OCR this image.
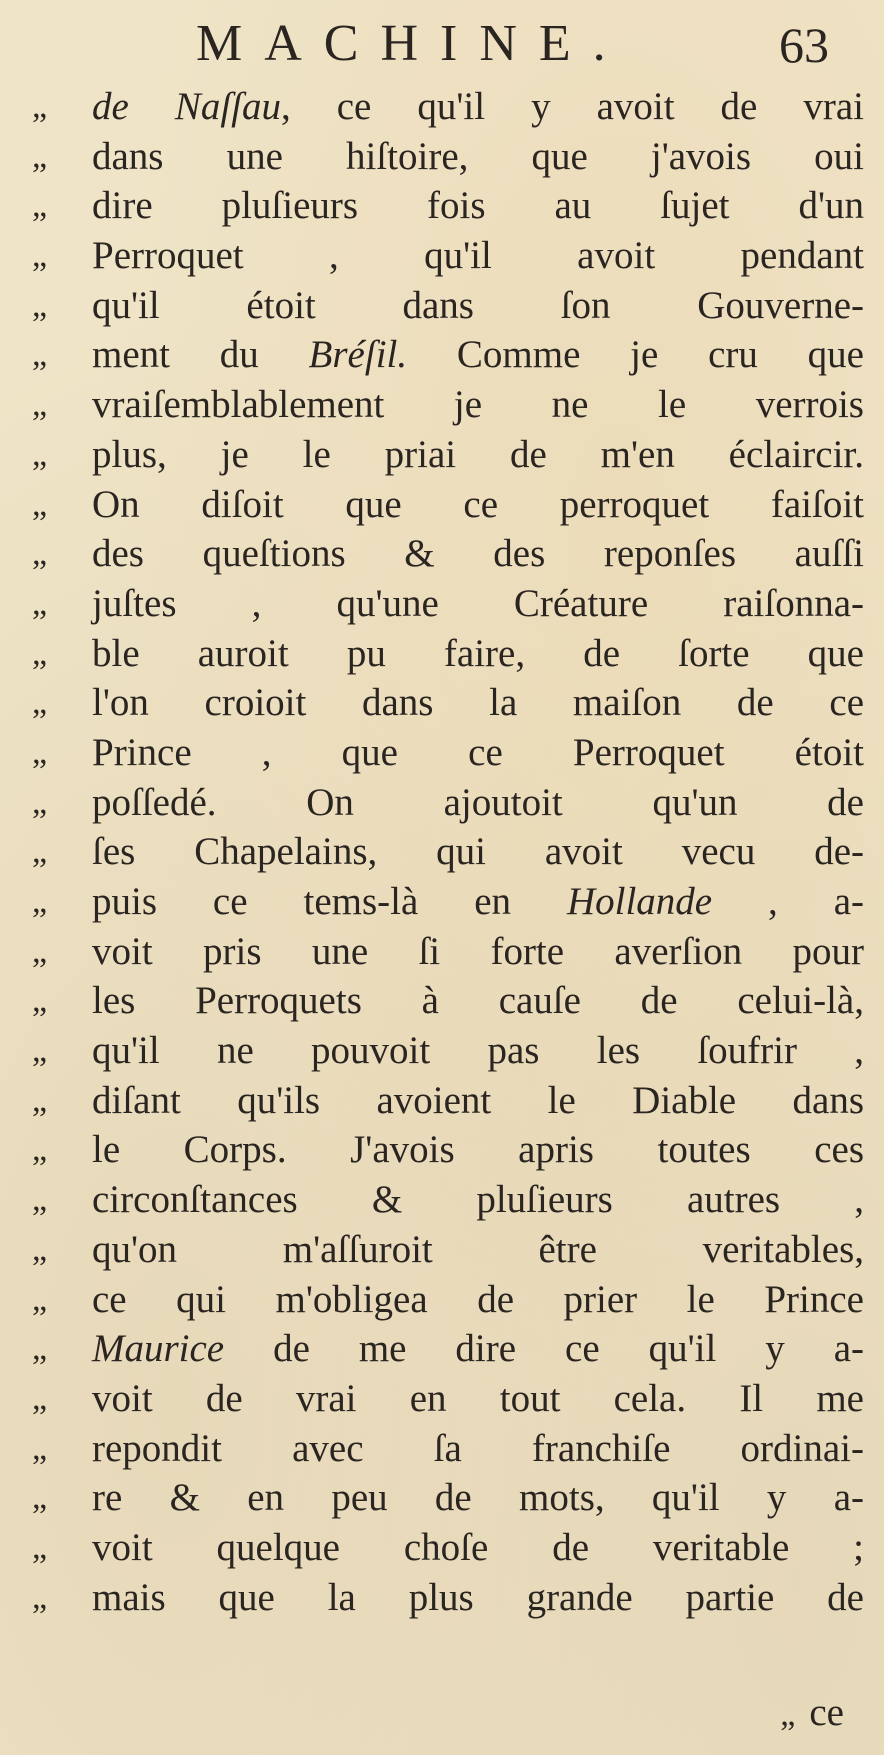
MACHINE.	63
„	de Naſſau, ce qu'il y avoit de vrai
„	dans une hiſtoire, que j'avois oui
„	dire pluſieurs fois au ſujet d'un
„	Perroquet , qu'il avoit pendant
„	qu'il étoit dans ſon Gouverne-
„	ment du Bréſil. Comme je cru que
„	vraiſemblablement je ne le verrois
„	plus, je le priai de m'en éclaircir.
„	On diſoit que ce perroquet faiſoit
„	des queſtions & des reponſes auſſi
„	juſtes , qu'une Créature raiſonna-
„	ble auroit pu faire, de ſorte que
„	l'on croioit dans la maiſon de ce
„	Prince , que ce Perroquet étoit
„	poſſedé. On ajoutoit qu'un de
„	ſes Chapelains, qui avoit vecu de-
„	puis ce tems-là en Hollande , a-
„	voit pris une ſi forte averſion pour
„	les Perroquets à cauſe de celui-là,
„	qu'il ne pouvoit pas les ſoufrir ,
„	diſant qu'ils avoient le Diable dans
„	le Corps. J'avois apris toutes ces
„	circonſtances & pluſieurs autres ,
„	qu'on m'aſſuroit être veritables,
„	ce qui m'obligea de prier le Prince
„	Maurice de me dire ce qu'il y a-
„	voit de vrai en tout cela. Il me
„	repondit avec ſa franchiſe ordinai-
„	re & en peu de mots, qu'il y a-
„	voit quelque choſe de veritable ;
„	mais que la plus grande partie de
„ ce
